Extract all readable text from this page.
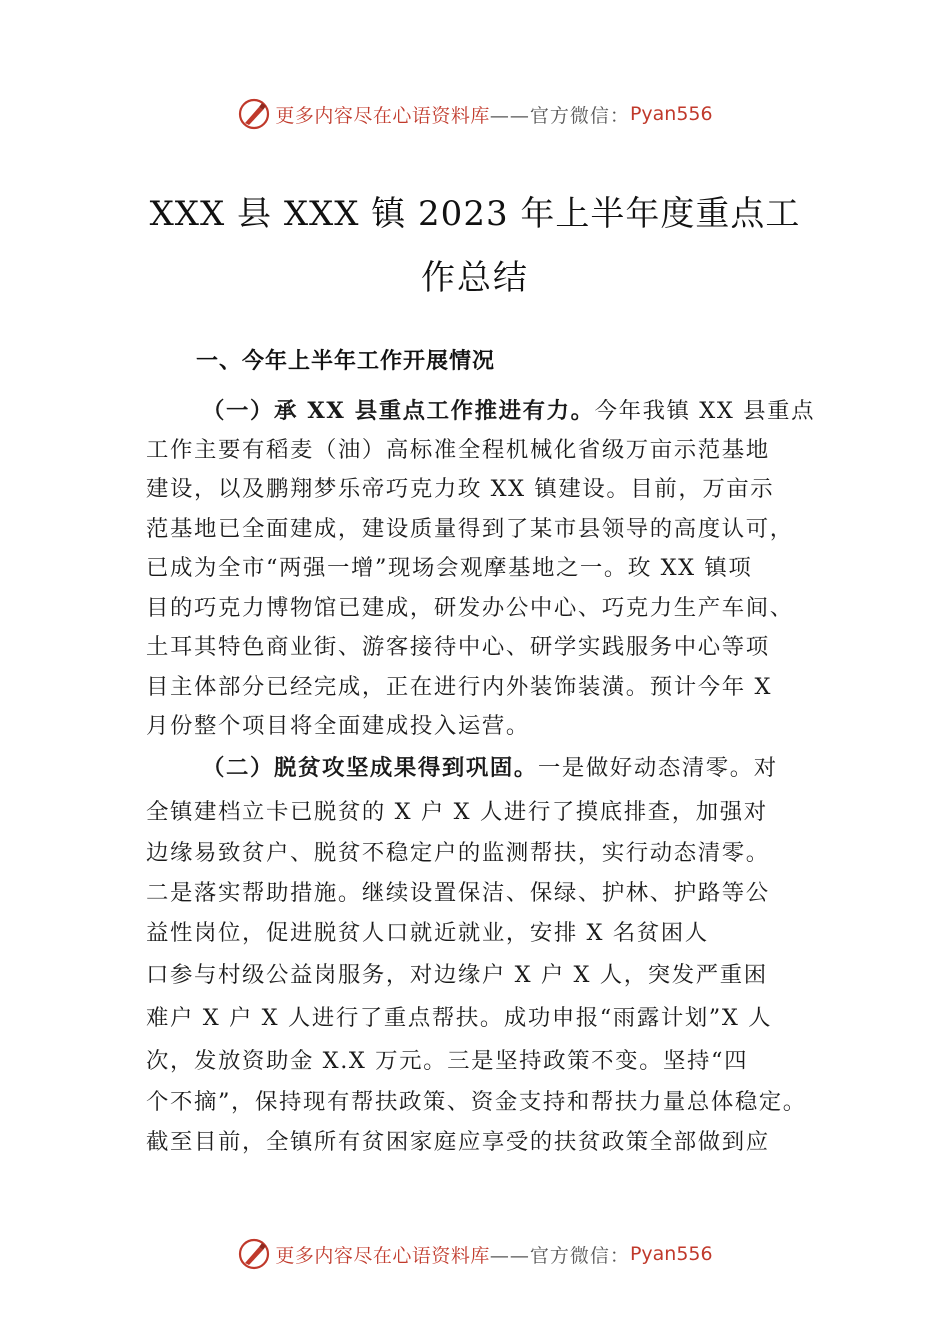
更多内容尽在心语资料库 ——官方微信： Pyan556
XXX 县 XXX 镇 2023 年上半年度重点工
作总结
一、今年上半年工作开展情况
（一）承 XX 县重点工作推进有力。今年我镇 XX 县重点
工作主要有稻麦（油）高标准全程机械化省级万亩示范基地
建设，以及鹏翔梦乐帝巧克力玫 XX 镇建设。目前，万亩示
范基地已全面建成，建设质量得到了某市县领导的高度认可，
已成为全市“两强一增”现场会观摩基地之一。玫 XX 镇项
目的巧克力博物馆已建成，研发办公中心、巧克力生产车间、
土耳其特色商业街、游客接待中心、研学实践服务中心等项
目主体部分已经完成，正在进行内外装饰装潢。预计今年 X
月份整个项目将全面建成投入运营。
（二）脱贫攻坚成果得到巩固。一是做好动态清零。对
全镇建档立卡已脱贫的 X 户 X 人进行了摸底排查，加强对
边缘易致贫户、脱贫不稳定户的监测帮扶，实行动态清零。
二是落实帮助措施。继续设置保洁、保绿、护林、护路等公
益性岗位，促进脱贫人口就近就业，安排 X 名贫困人
口参与村级公益岗服务，对边缘户 X 户 X 人，突发严重困
难户 X 户 X 人进行了重点帮扶。成功申报“雨露计划”X 人
次，发放资助金 X.X 万元。三是坚持政策不变。坚持“四
个不摘”，保持现有帮扶政策、资金支持和帮扶力量总体稳定。
截至目前，全镇所有贫困家庭应享受的扶贫政策全部做到应
更多内容尽在心语资料库 ——官方微信： Pyan556
